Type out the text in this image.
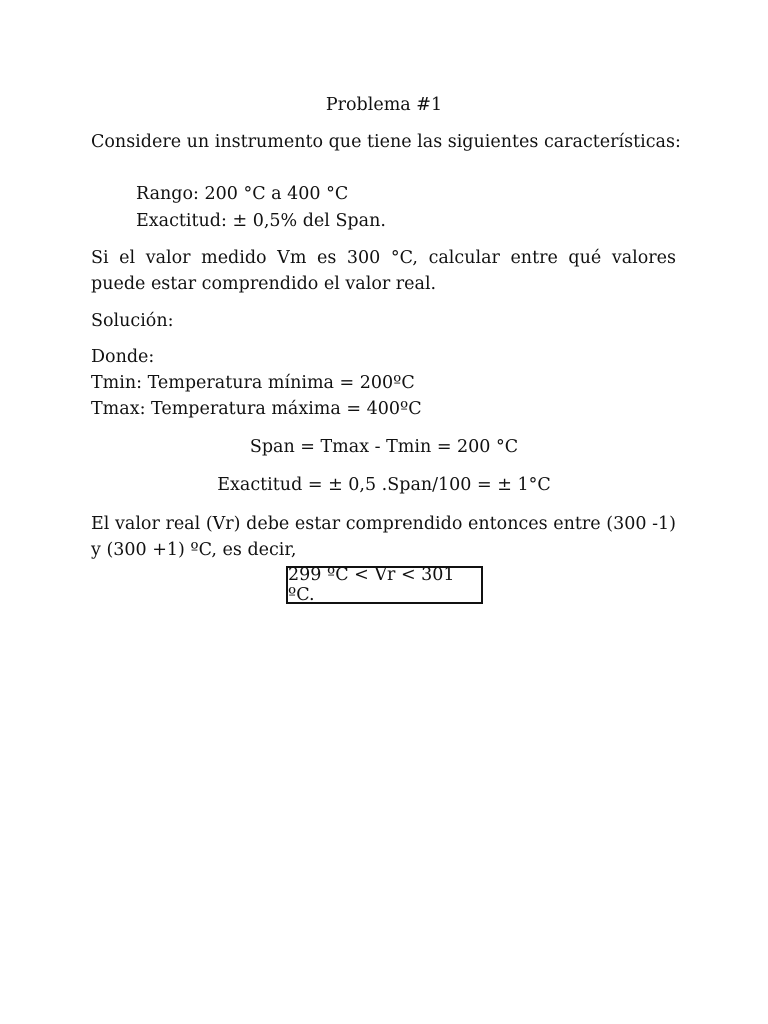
Problema #1
Considere un instrumento que tiene las siguientes características:
Rango: 200 °C a 400 °C
Exactitud: ± 0,5% del Span.
Si el valor medido Vm es 300 °C, calcular entre qué valores puede estar comprendido el valor real.
Solución:
Donde:
Tmin: Temperatura mínima = 200ºC
Tmax: Temperatura máxima = 400ºC
Span = Tmax - Tmin = 200 °C
Exactitud = ± 0,5 .Span/100 = ± 1°C
El valor real (Vr) debe estar comprendido entonces entre (300 -1) y (300 +1) ºC, es decir,
299 ºC < Vr < 301 ºC.
